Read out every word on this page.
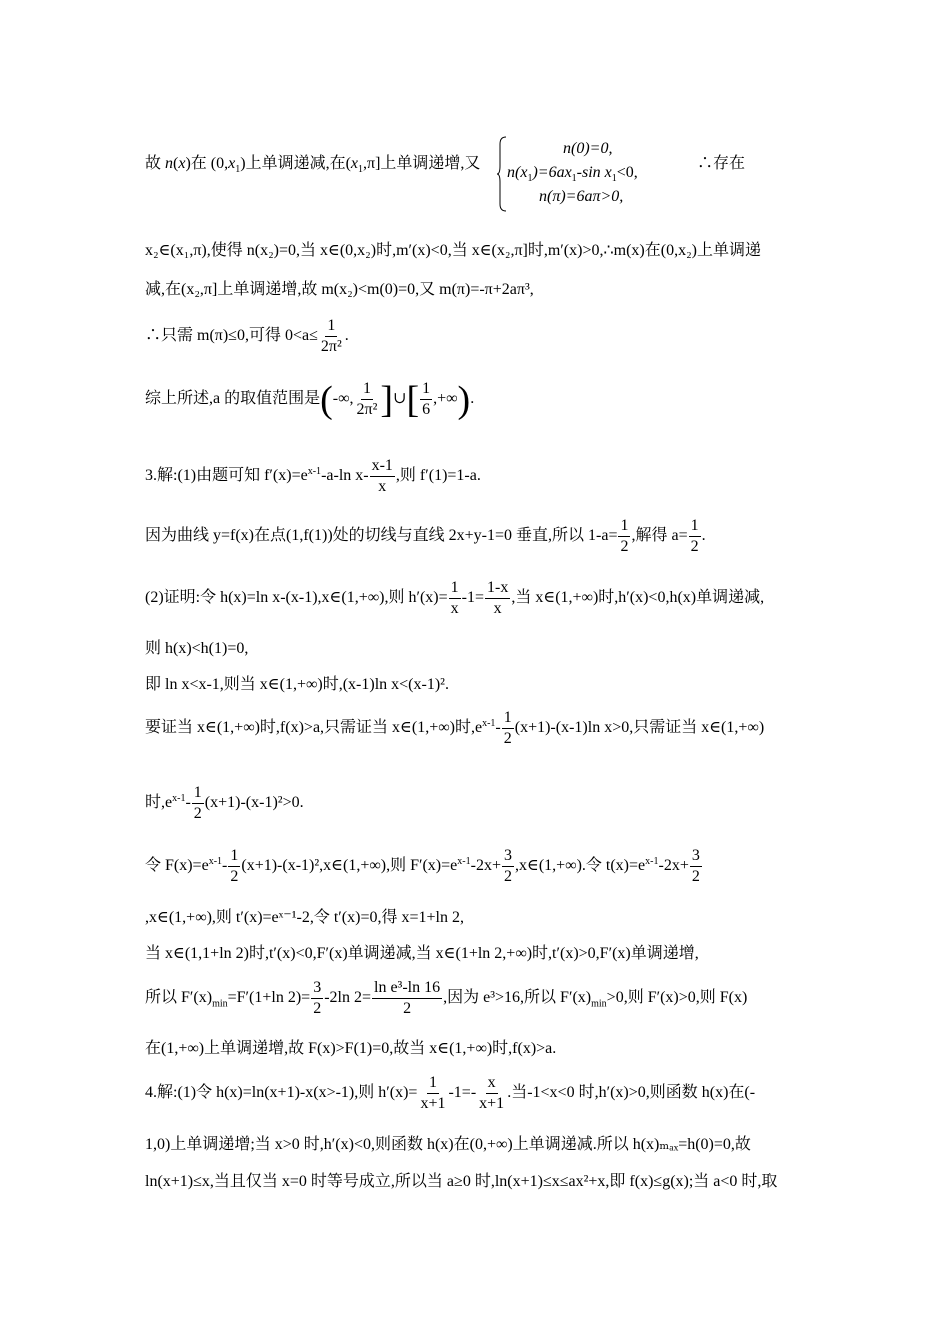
故 n(x)在 $(0,x_1)$上单调递减,在$(x_1,\pi]$上单调递增,又	∴存在
n(0)=0,
$n(x_1)=6ax_1-\sin$ $x_1<0$,
n(π)=6aπ>0,
x₂∈(x₁,π),使得 n(x₂)=0,当 x∈(0,x₂)时,m′(x)<0,当 x∈(x₂,π]时,m′(x)>0,∴m(x)在(0,x₂)上单调递
减,在(x₂,π]上单调递增,故 m(x₂)<m(0)=0,又 m(π)=-π+2aπ³,
∴只需 m(π)≤0,可得 $0<a\le \frac{1}{\text{2π²}}$ .
综上所述,a 的取值范围是(-∞, $\frac{1}{\text{2π²}}$ ]∪[ $\frac{1}{6}$ ,+∞).
3.解:(1)由题可知 $f'(x)=e^{x-1}-a-\ln$ $x- \frac{x-1}{x}$ ,则 f′(1)=1-a.
因为曲线 y=f(x)在点(1,f(1))处的切线与直线 2x+y-1=0 垂直,所以 $1-a= \frac{1}{2}$ ,解得 $a= \frac{1}{2}$ .
(2)证明:令 h(x)=ln x-(x-1),x∈(1,+∞),则 $h'(x)= \frac{1}{x} -1= \frac{1-x}{x}$ ,当 x∈(1,+∞)时,h′(x)<0,h(x)单调递减,
则 h(x)<h(1)=0,
即 ln x<x-1,则当 x∈(1,+∞)时,(x-1)ln x<(x-1)².
要证当 x∈(1,+∞)时,f(x)>a,只需证当 x∈(1,+∞)时$,e^{x-1}- \frac{1}{2} (x+1)-(x-1)\ln$ x>0,只需证当 x∈(1,+∞)
时$,e^{x-1}- \frac{1}{2} (x+1)-(x-1)^2>0$.
令 $F(x)=e^{x-1}- \frac{1}{2}$ (x+1)-(x-1)²,x∈(1,+∞),则 $F'(x)=e^{x-1}-2x+ \frac{3}{2}$ ,x∈(1,+∞).令 $t(x)=e^{x-1}-2x+ \frac{3}{2}$
,x∈(1,+∞),则 t′(x)=eˣ⁻¹-2,令 t′(x)=0,得 x=1+ln 2,
当 x∈(1,1+ln 2)时,t′(x)<0,F′(x)单调递减,当 x∈(1+ln 2,+∞)时,t′(x)>0,F′(x)单调递增,
所以 $F'(x)_{min}=F'(1+\ln$ $2)= \frac{3}{2} -2\ln$ $2= \frac{\text{ln e³-ln 16}}{2}$ ,因为 e³>16,所以 $F'(x)_{min}>0$,则 F′(x)>0,则 F(x)
在(1,+∞)上单调递增,故 F(x)>F(1)=0,故当 x∈(1,+∞)时,f(x)>a.
4.解:(1)令 h(x)=ln(x+1)-x(x>-1),则 $h'(x)= \frac{1}{x+1} -1=- \frac{x}{x+1}$ .当-1<x<0 时,h′(x)>0,则函数 h(x)在(-
1,0)上单调递增;当 x>0 时,h′(x)<0,则函数 h(x)在(0,+∞)上单调递减.所以 h(x)ₘₐₓ=h(0)=0,故
ln(x+1)≤x,当且仅当 x=0 时等号成立,所以当 a≥0 时,ln(x+1)≤x≤ax²+x,即 f(x)≤g(x);当 a<0 时,取
